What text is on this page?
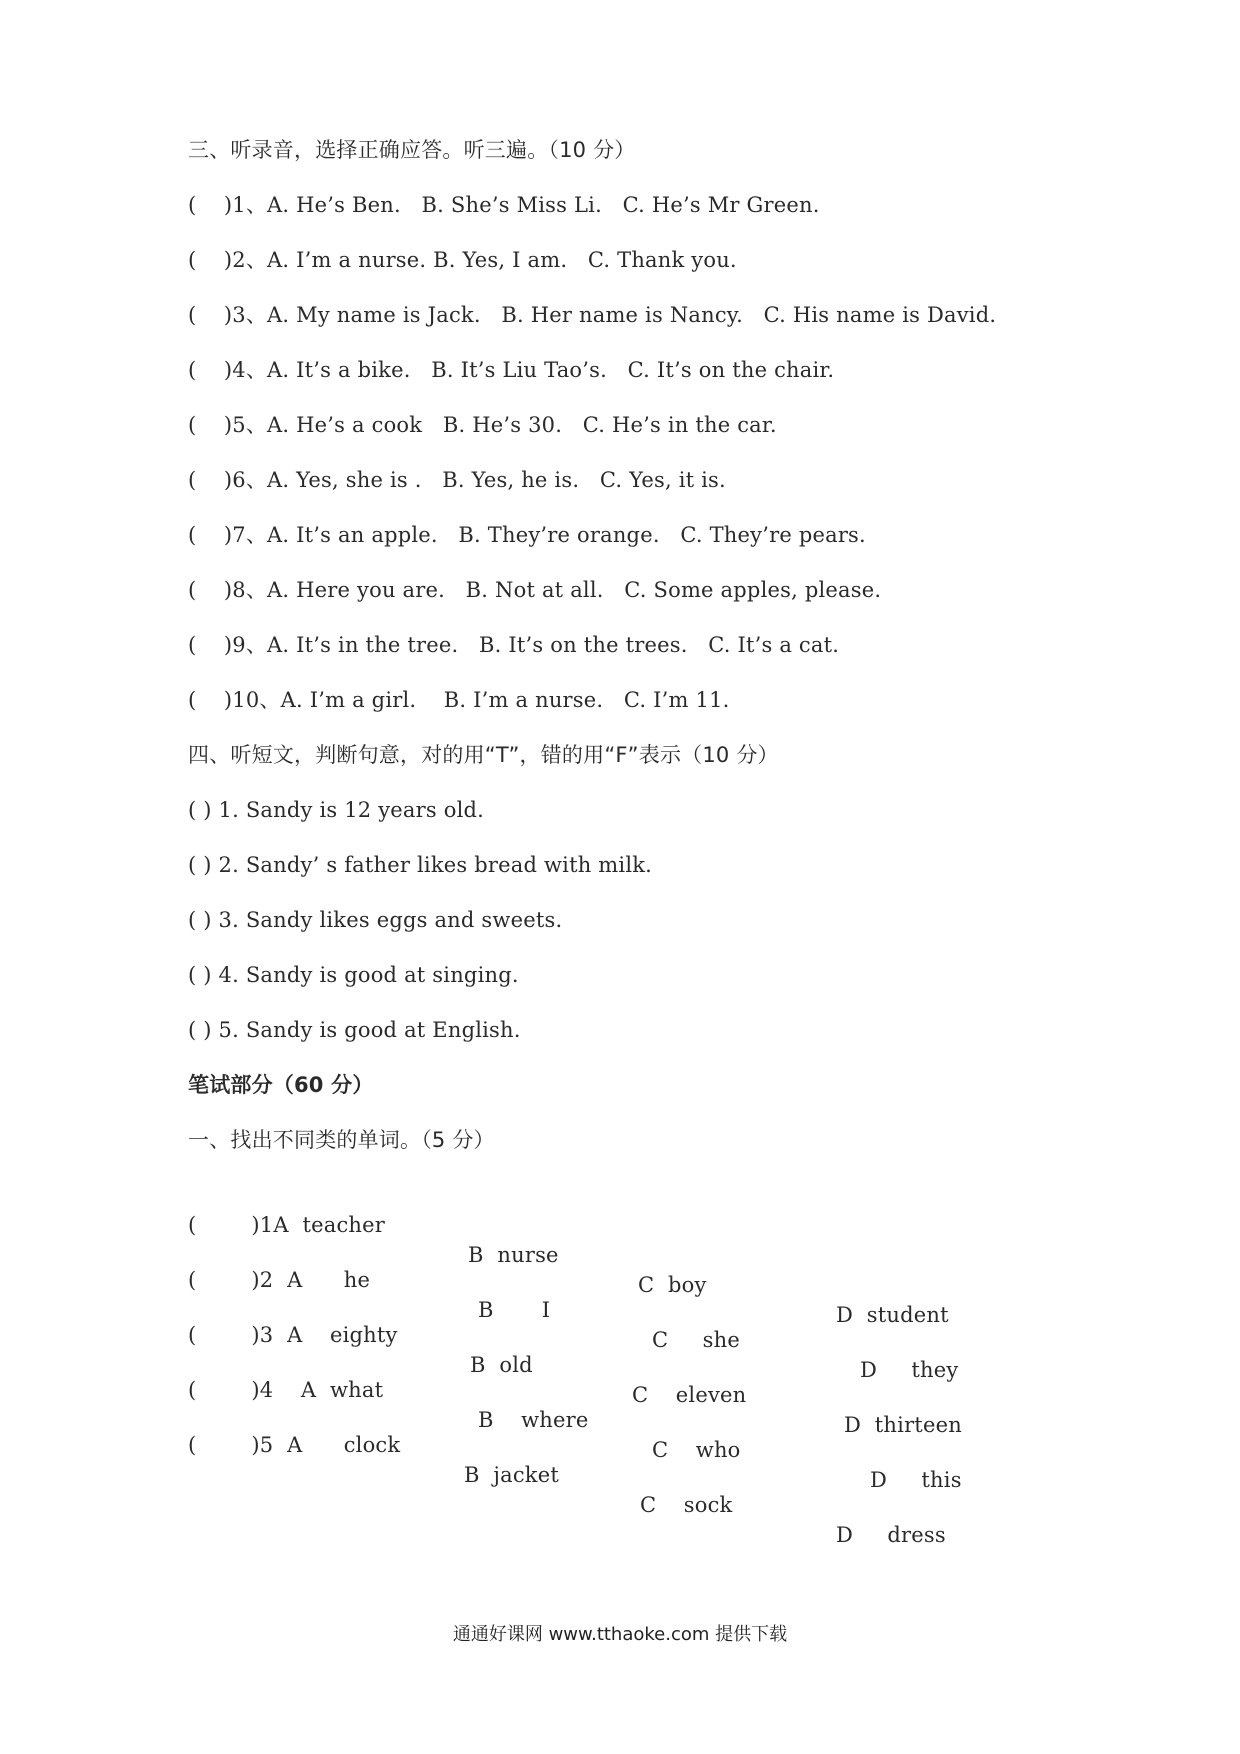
三、听录音，选择正确应答。听三遍。（10 分）
(    )1、A. He’s Ben.   B. She’s Miss Li.   C. He’s Mr Green.
(    )2、A. I’m a nurse. B. Yes, I am.   C. Thank you.
(    )3、A. My name is Jack.   B. Her name is Nancy.   C. His name is David.
(    )4、A. It’s a bike.   B. It’s Liu Tao’s.   C. It’s on the chair.
(    )5、A. He’s a cook   B. He’s 30.   C. He’s in the car.
(    )6、A. Yes, she is .   B. Yes, he is.   C. Yes, it is.
(    )7、A. It’s an apple.   B. They’re orange.   C. They’re pears.
(    )8、A. Here you are.   B. Not at all.   C. Some apples, please.
(    )9、A. It’s in the tree.   B. It’s on the trees.   C. It’s a cat.
(    )10、A. I’m a girl.    B. I’m a nurse.   C. I’m 11.
四、听短文，判断句意，对的用“T”，错的用“F”表示（10 分）
( ) 1. Sandy is 12 years old.
( ) 2. Sandy’ s father likes bread with milk.
( ) 3. Sandy likes eggs and sweets.
( ) 4. Sandy is good at singing.
( ) 5. Sandy is good at English.
笔试部分（60 分）
一、找出不同类的单词。（5 分）

(        )1A  teacher

B  nurse

C  boy

D  student

(        )2  A      he

B       I

C     she

D     they

(        )3  A    eighty

B  old

C    eleven

D  thirteen

(        )4    A  what

B    where

C    who

D     this

(        )5  A      clock

B  jacket

C    sock

D     dress

通通好课网 www.tthaoke.com 提供下载
